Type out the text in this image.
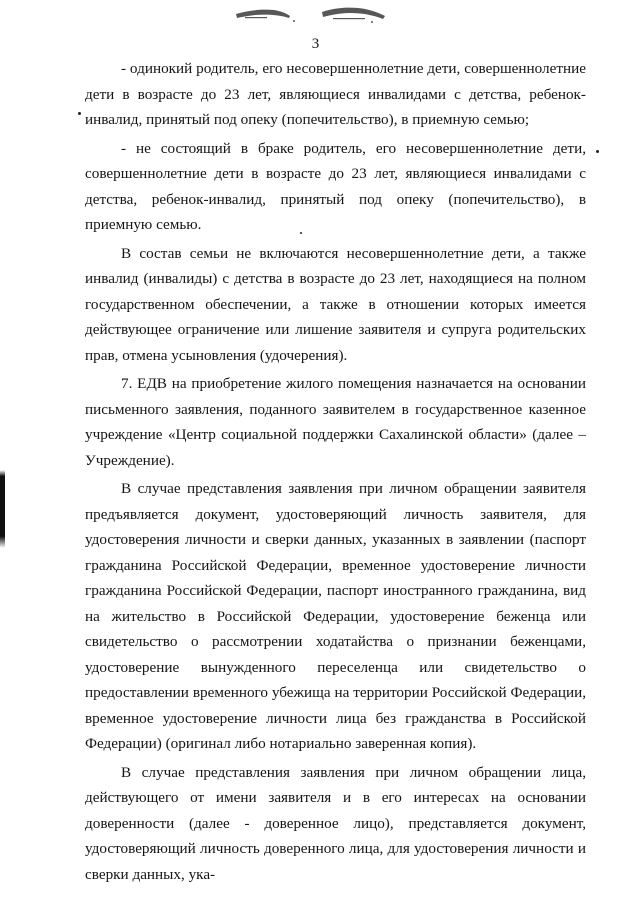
3

- одинокий родитель, его несовершеннолетние дети, совершеннолетние дети в возрасте до 23 лет, являющиеся инвалидами с детства, ребенок-инвалид, принятый под опеку (попечительство), в приемную семью;

- не состоящий в браке родитель, его несовершеннолетние дети, совершеннолетние дети в возрасте до 23 лет, являющиеся инвалидами с детства, ребенок-инвалид, принятый под опеку (попечительство), в приемную семью.

В состав семьи не включаются несовершеннолетние дети, а также инвалид (инвалиды) с детства в возрасте до 23 лет, находящиеся на полном государственном обеспечении, а также в отношении которых имеется действующее ограничение или лишение заявителя и супруга родительских прав, отмена усыновления (удочерения).

7. ЕДВ на приобретение жилого помещения назначается на основании письменного заявления, поданного заявителем в государственное казенное учреждение «Центр социальной поддержки Сахалинской области» (далее – Учреждение).

В случае представления заявления при личном обращении заявителя предъявляется документ, удостоверяющий личность заявителя, для удостоверения личности и сверки данных, указанных в заявлении (паспорт гражданина Российской Федерации, временное удостоверение личности гражданина Российской Федерации, паспорт иностранного гражданина, вид на жительство в Российской Федерации, удостоверение беженца или свидетельство о рассмотрении ходатайства о признании беженцами, удостоверение вынужденного переселенца или свидетельство о предоставлении временного убежища на территории Российской Федерации, временное удостоверение личности лица без гражданства в Российской Федерации) (оригинал либо нотариально заверенная копия).

В случае представления заявления при личном обращении лица, действующего от имени заявителя и в его интересах на основании доверенности (далее - доверенное лицо), представляется документ, удостоверяющий личность доверенного лица, для удостоверения личности и сверки данных, ука-
